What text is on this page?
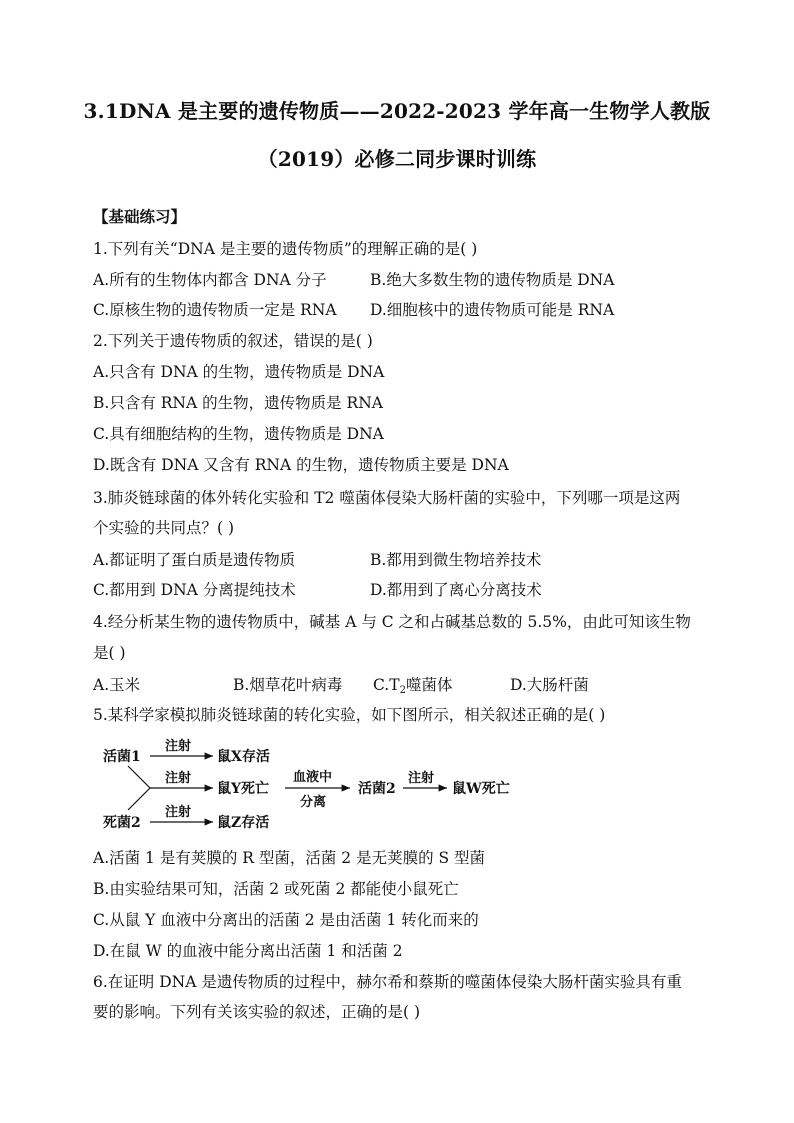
3.1DNA 是主要的遗传物质——2022-2023 学年高一生物学人教版
（2019）必修二同步课时训练
【基础练习】
1.下列有关“DNA 是主要的遗传物质”的理解正确的是( )
A.所有的生物体内都含 DNA 分子	B.绝大多数生物的遗传物质是 DNA
C.原核生物的遗传物质一定是 RNA D.细胞核中的遗传物质可能是 RNA
2.下列关于遗传物质的叙述，错误的是( )
A.只含有 DNA 的生物，遗传物质是 DNA
B.只含有 RNA 的生物，遗传物质是 RNA
C.具有细胞结构的生物，遗传物质是 DNA
D.既含有 DNA 又含有 RNA 的生物，遗传物质主要是 DNA
3.肺炎链球菌的体外转化实验和 T2 噬菌体侵染大肠杆菌的实验中，下列哪一项是这两
个实验的共同点？( )
A.都证明了蛋白质是遗传物质	B.都用到微生物培养技术
C.都用到 DNA 分离提纯技术	D.都用到了离心分离技术
4.经分析某生物的遗传物质中，碱基 A 与 C 之和占碱基总数的 5.5%，由此可知该生物
是( )
A.玉米	B.烟草花叶病毒 $C.T_2$噬菌体	D.大肠杆菌
5.某科学家模拟肺炎链球菌的转化实验，如下图所示，相关叙述正确的是( )
活菌1
死菌2
注射
鼠X存活
注射
鼠Y死亡
血液中
分离
活菌2
注射
鼠W死亡
注射
鼠Z存活
A.活菌 1 是有荚膜的 R 型菌，活菌 2 是无荚膜的 S 型菌
B.由实验结果可知，活菌 2 或死菌 2 都能使小鼠死亡
C.从鼠 Y 血液中分离出的活菌 2 是由活菌 1 转化而来的
D.在鼠 W 的血液中能分离出活菌 1 和活菌 2
6.在证明 DNA 是遗传物质的过程中，赫尔希和蔡斯的噬菌体侵染大肠杆菌实验具有重
要的影响。下列有关该实验的叙述，正确的是( )
